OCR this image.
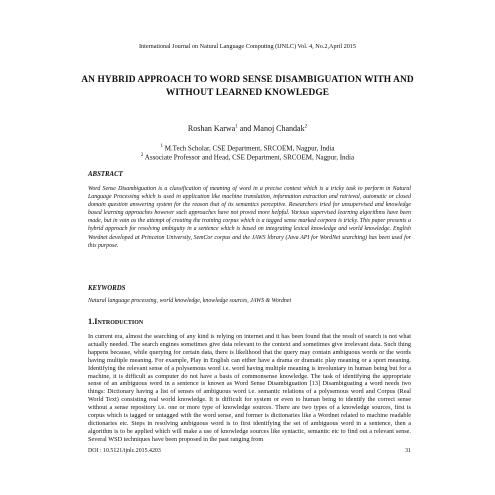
International Journal on Natural Language Computing (IJNLC) Vol. 4, No.2,April 2015
AN HYBRID APPROACH TO WORD SENSE DISAMBIGUATION WITH AND WITHOUT LEARNED KNOWLEDGE
Roshan Karwa$^1$ and Manoj Chandak$^2$
$^1$ M.Tech Scholar, CSE Department, SRCOEM, Nagpur, India
$^2$ Associate Professor and Head, CSE Department, SRCOEM, Nagpur, India
ABSTRACT
Word Sense Disambiguation is a classification of meaning of word in a precise context which is a tricky task to perform in Natural Language Processing which is used in application like machine translation, information extraction and retrieval, automatic or closed domain question answering system for the reason that of its semantics perceptive. Researchers tried for unsupervised and knowledge based learning approaches however such approaches have not proved more helpful. Various supervised learning algorithms have been made, but in vain as the attempt of creating the training corpus which is a tagged sense marked corpora is tricky. This paper presents a hybrid approach for resolving ambiguity in a sentence which is based on integrating lexical knowledge and world knowledge. English Wordnet developed at Princeton University, SemCor corpus and the JAWS library (Java API for WordNet searching) has been used for this purpose.
KEYWORDS
Natural language processing, world knowledge, knowledge sources, JAWS & Wordnet
1.Introduction
In current era, almost the searching of any kind is relying on internet and it has been found that the result of search is not what actually needed. The search engines sometimes give data relevant to the context and sometimes give irrelevant data. Such thing happens because, while querying for certain data, there is likelihood that the query may contain ambiguous words or the words having multiple meaning. For example, Play in English can either have a drama or dramatic play meaning or a sport meaning. Identifying the relevant sense of a polysemous word i.e. word having multiple meaning is involuntary in human being but for a machine, it is difficult as computer do not have a basis of commonsense knowledge. The task of identifying the appropriate sense of an ambiguous word in a sentence is known as Word Sense Disambiguation [13] Disambiguating a word needs two things: Dictionary having a list of senses of ambiguous word i.e. semantic relations of a polysemous word and Corpus (Real World Text) consisting real world knowledge. It is difficult for system or even to human being to identify the correct sense without a sense repository i.e. one or more type of knowledge sources. There are two types of a knowledge sources, first is corpus which is tagged or untagged with the word sense, and former is dictionaries like a Wordnet related to machine readable dictionaries etc. Steps in resolving ambiguous word is to first identifying the set of ambiguous word in a sentence, then a algorithm is to be applied which will make a use of knowledge sources like syntactic, semantic etc to find out a relevant sense. Several WSD techniques have been proposed in the past ranging from
DOI : 10.5121/ijnlc.2015.4203	31
